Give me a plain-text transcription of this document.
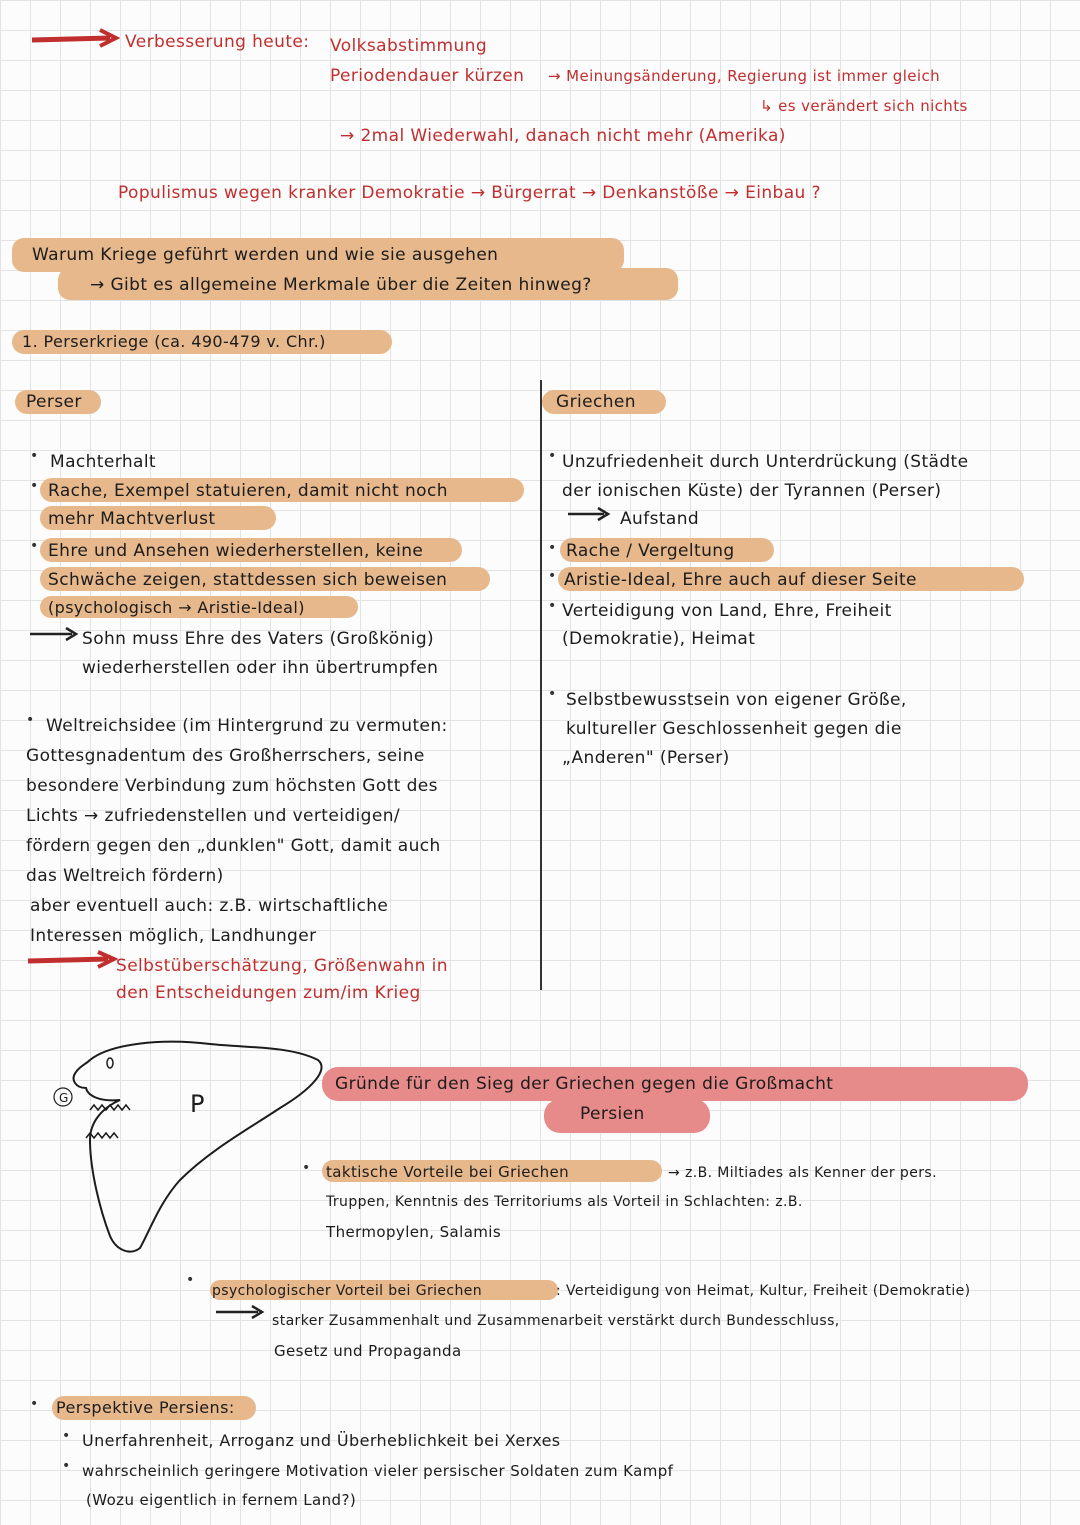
Verbesserung heute: Volksabstimmung
Periodendauer kürzen → Meinungsänderung, Regierung ist immer gleich
↳ es verändert sich nichts
→ 2mal Wiederwahl, danach nicht mehr (Amerika)
Populismus wegen kranker Demokratie → Bürgerrat → Denkanstöße → Einbau ?
Warum Kriege geführt werden und wie sie ausgehen
→ Gibt es allgemeine Merkmale über die Zeiten hinweg?
1. Perserkriege (ca. 490-479 v. Chr.)
Perser
• Machterhalt
• Rache, Exempel statuieren, damit nicht noch
mehr Machtverlust
• Ehre und Ansehen wiederherstellen, keine
Schwäche zeigen, stattdessen sich beweisen
(psychologisch → Aristie-Ideal)
Sohn muss Ehre des Vaters (Großkönig)
wiederherstellen oder ihn übertrumpfen
• Weltreichsidee (im Hintergrund zu vermuten:
Gottesgnadentum des Großherrschers, seine
besondere Verbindung zum höchsten Gott des
Lichts → zufriedenstellen und verteidigen/
fördern gegen den „dunklen" Gott, damit auch
das Weltreich fördern)
aber eventuell auch: z.B. wirtschaftliche
Interessen möglich, Landhunger
Selbstüberschätzung, Größenwahn in
den Entscheidungen zum/im Krieg
Griechen
• Unzufriedenheit durch Unterdrückung (Städte
der ionischen Küste) der Tyrannen (Perser)
Aufstand
• Rache / Vergeltung
• Aristie-Ideal, Ehre auch auf dieser Seite
• Verteidigung von Land, Ehre, Freiheit
(Demokratie), Heimat
• Selbstbewusstsein von eigener Größe,
kultureller Geschlossenheit gegen die
„Anderen" (Perser)
G	P
Gründe für den Sieg der Griechen gegen die Großmacht
Persien
• taktische Vorteile bei Griechen	→ z.B. Miltiades als Kenner der pers.
Truppen, Kenntnis des Territoriums als Vorteil in Schlachten: z.B.
Thermopylen, Salamis
•
psychologischer Vorteil bei Griechen	: Verteidigung von Heimat, Kultur, Freiheit (Demokratie)
starker Zusammenhalt und Zusammenarbeit verstärkt durch Bundesschluss,
Gesetz und Propaganda
• Perspektive Persiens:
• Unerfahrenheit, Arroganz und Überheblichkeit bei Xerxes
• wahrscheinlich geringere Motivation vieler persischer Soldaten zum Kampf
(Wozu eigentlich in fernem Land?)
